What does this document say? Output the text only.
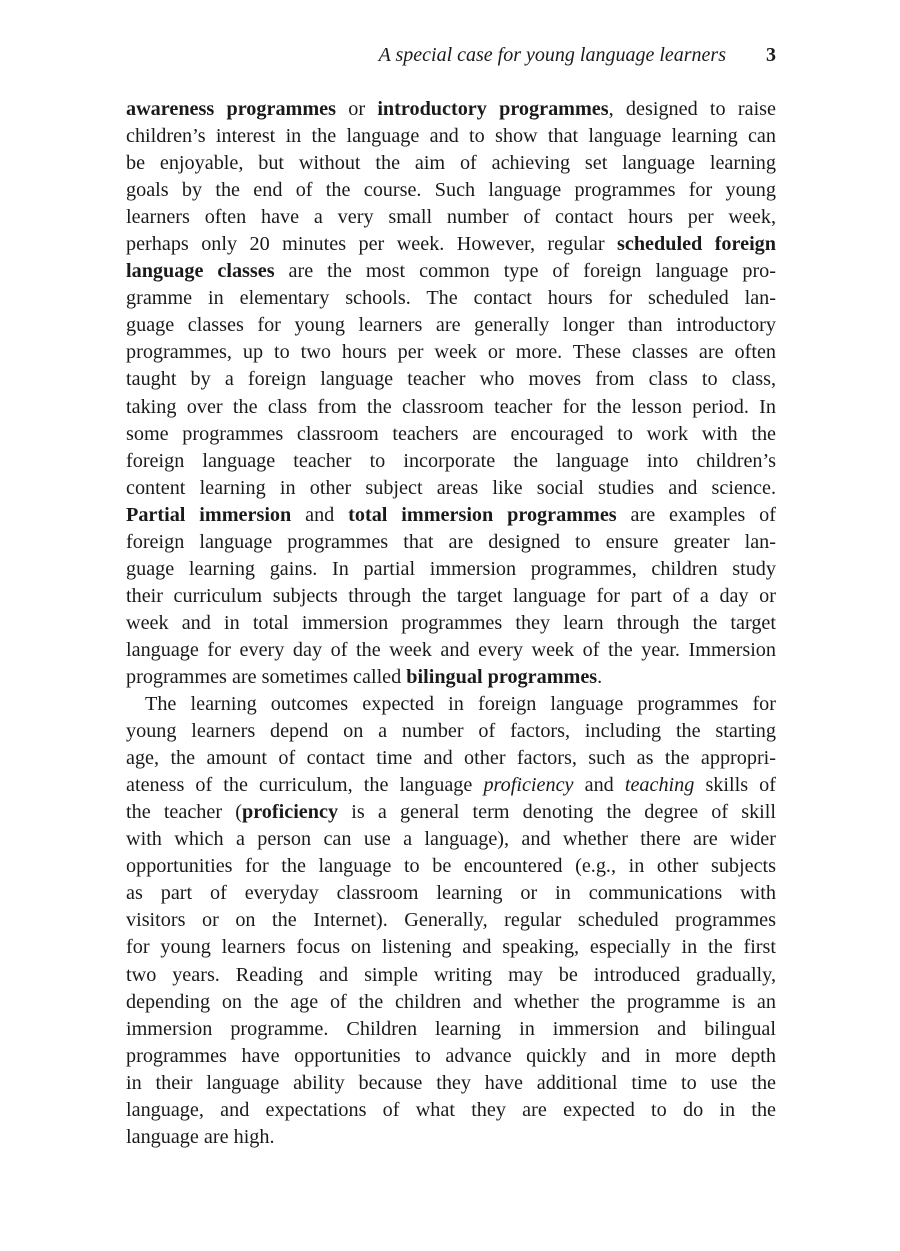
A special case for young language learners 3
awareness programmes or introductory programmes, designed to raise
children’s interest in the language and to show that language learning can
be enjoyable, but without the aim of achieving set language learning
goals by the end of the course. Such language programmes for young
learners often have a very small number of contact hours per week,
perhaps only 20 minutes per week. However, regular scheduled foreign
language classes are the most common type of foreign language pro-
gramme in elementary schools. The contact hours for scheduled lan-
guage classes for young learners are generally longer than introductory
programmes, up to two hours per week or more. These classes are often
taught by a foreign language teacher who moves from class to class,
taking over the class from the classroom teacher for the lesson period. In
some programmes classroom teachers are encouraged to work with the
foreign language teacher to incorporate the language into children’s
content learning in other subject areas like social studies and science.
Partial immersion and total immersion programmes are examples of
foreign language programmes that are designed to ensure greater lan-
guage learning gains. In partial immersion programmes, children study
their curriculum subjects through the target language for part of a day or
week and in total immersion programmes they learn through the target
language for every day of the week and every week of the year. Immersion
programmes are sometimes called bilingual programmes.
The learning outcomes expected in foreign language programmes for
young learners depend on a number of factors, including the starting
age, the amount of contact time and other factors, such as the appropri-
ateness of the curriculum, the language proficiency and teaching skills of
the teacher (proficiency is a general term denoting the degree of skill
with which a person can use a language), and whether there are wider
opportunities for the language to be encountered (e.g., in other subjects
as part of everyday classroom learning or in communications with
visitors or on the Internet). Generally, regular scheduled programmes
for young learners focus on listening and speaking, especially in the first
two years. Reading and simple writing may be introduced gradually,
depending on the age of the children and whether the programme is an
immersion programme. Children learning in immersion and bilingual
programmes have opportunities to advance quickly and in more depth
in their language ability because they have additional time to use the
language, and expectations of what they are expected to do in the
language are high.
